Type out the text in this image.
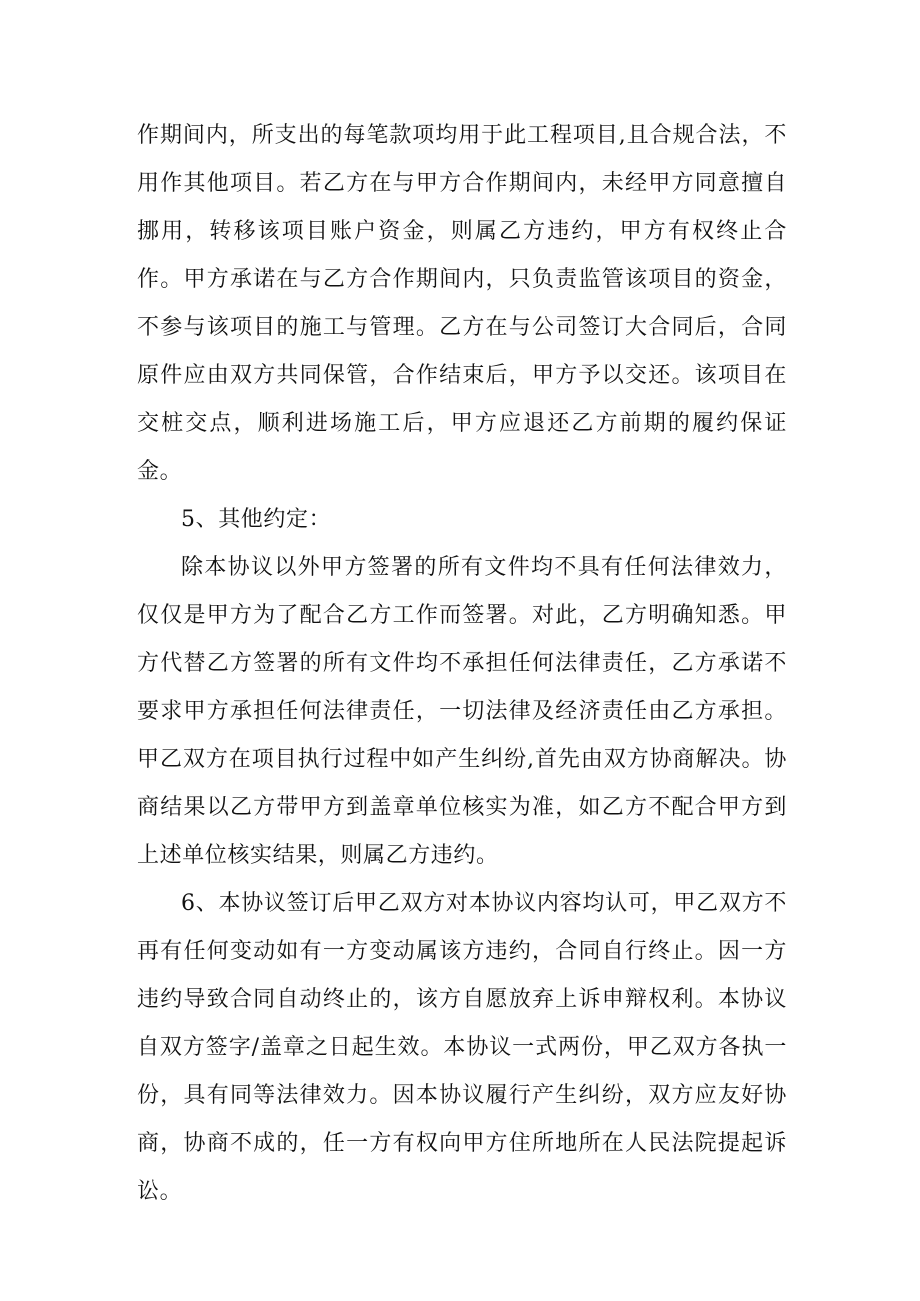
作期间内，所支出的每笔款项均用于此工程项目,且合规合法，不用作其他项目。若乙方在与甲方合作期间内，未经甲方同意擅自挪用，转移该项目账户资金，则属乙方违约，甲方有权终止合作。甲方承诺在与乙方合作期间内，只负责监管该项目的资金，不参与该项目的施工与管理。乙方在与公司签订大合同后，合同原件应由双方共同保管，合作结束后，甲方予以交还。该项目在交桩交点，顺利进场施工后，甲方应退还乙方前期的履约保证金。

5、其他约定：

除本协议以外甲方签署的所有文件均不具有任何法律效力，仅仅是甲方为了配合乙方工作而签署。对此，乙方明确知悉。甲方代替乙方签署的所有文件均不承担任何法律责任，乙方承诺不要求甲方承担任何法律责任，一切法律及经济责任由乙方承担。甲乙双方在项目执行过程中如产生纠纷,首先由双方协商解决。协商结果以乙方带甲方到盖章单位核实为准，如乙方不配合甲方到上述单位核实结果，则属乙方违约。

6、本协议签订后甲乙双方对本协议内容均认可，甲乙双方不再有任何变动如有一方变动属该方违约，合同自行终止。因一方违约导致合同自动终止的，该方自愿放弃上诉申辩权利。本协议自双方签字/盖章之日起生效。本协议一式两份，甲乙双方各执一份，具有同等法律效力。因本协议履行产生纠纷，双方应友好协商，协商不成的，任一方有权向甲方住所地所在人民法院提起诉讼。
